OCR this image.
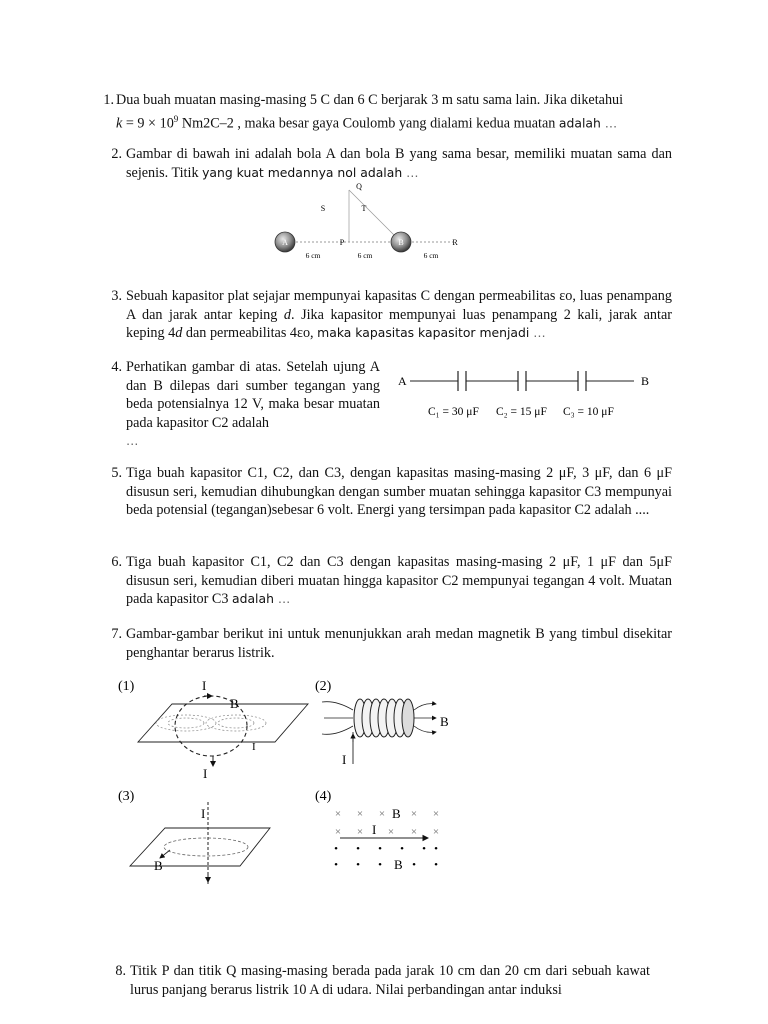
1. Dua buah muatan masing-masing 5 C dan 6 C berjarak 3 m satu sama lain. Jika diketahui
$k = 9 \times 10^9$ Nm2C–2 , maka besar gaya Coulomb yang dialami kedua muatan adalah …
2. Gambar di bawah ini adalah bola A dan bola B yang sama besar, memiliki muatan sama dan sejenis. Titik yang kuat medannya nol adalah …
Q
S	T
A	P	B	R
6 cm	6 cm	6 cm
3. Sebuah kapasitor plat sejajar mempunyai kapasitas C dengan permeabilitas εo, luas penampang A dan jarak antar keping d. Jika kapasitor mempunyai luas penampang 2 kali, jarak antar keping 4d dan permeabilitas 4εo, maka kapasitas kapasitor menjadi …
4. Perhatikan gambar di atas. Setelah ujung A dan B dilepas dari sumber tegangan yang beda potensialnya 12 V, maka besar muatan pada kapasitor C2 adalah
…
A	B
C₁ = 30 μF C₂ = 15 μF C₃ = 10 μF
5. Tiga buah kapasitor C1, C2, dan C3, dengan kapasitas masing-masing 2 μF, 3 μF, dan 6 μF disusun seri, kemudian dihubungkan dengan sumber muatan sehingga kapasitor C3 mempunyai beda potensial (tegangan)sebesar 6 volt. Energi yang tersimpan pada kapasitor C2 adalah ....
6. Tiga buah kapasitor C1, C2 dan C3 dengan kapasitas masing-masing 2 μF, 1 μF dan 5μF disusun seri, kemudian diberi muatan hingga kapasitor C2 mempunyai tegangan 4 volt. Muatan pada kapasitor C3 adalah …
7. Gambar-gambar berikut ini untuk menunjukkan arah medan magnetik B yang timbul disekitar penghantar berarus listrik.
(1)	I
I
B
I
(2)
B
I
(3)
I
B
(4)
× × × × ×
× × × × ×
B
I
• • • • • •
• • •	• •
B
8. Titik P dan titik Q masing-masing berada pada jarak 10 cm dan 20 cm dari sebuah kawat lurus panjang berarus listrik 10 A di udara. Nilai perbandingan antar induksi
